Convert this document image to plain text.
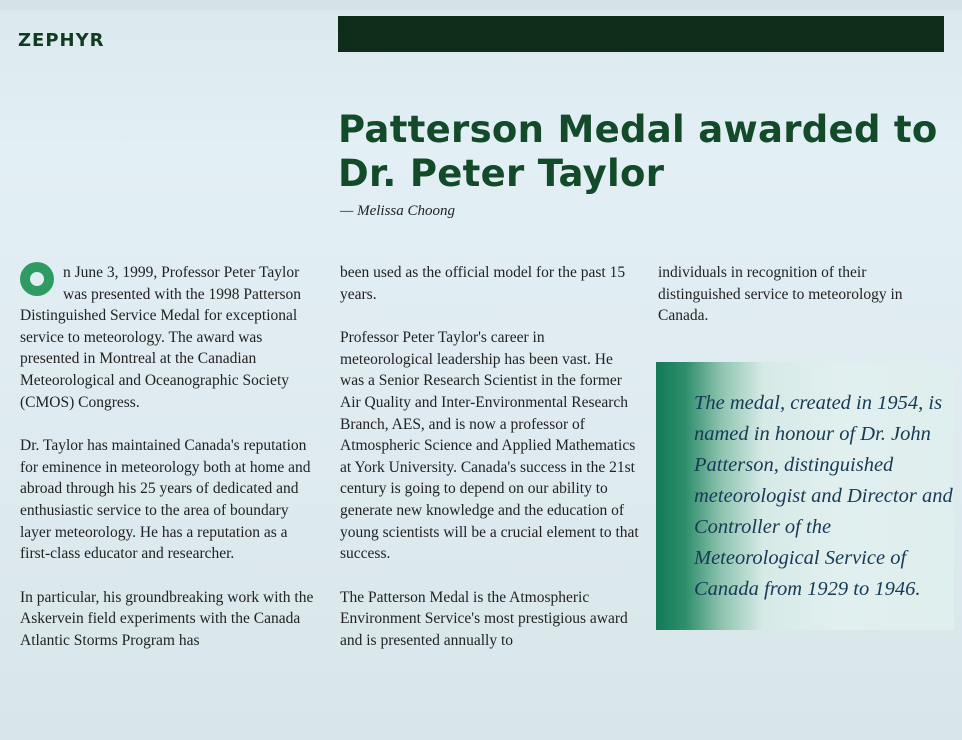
ZEPHYR
Patterson Medal awarded to Dr. Peter Taylor
— Melissa Choong

n June 3, 1999, Professor Peter Taylor was presented with the 1998 Patterson Distinguished Service Medal for exceptional service to meteorology. The award was presented in Montreal at the Canadian Meteorological and Oceanographic Society (CMOS) Congress.

Dr. Taylor has maintained Canada's reputation for eminence in meteorology both at home and abroad through his 25 years of dedicated and enthusiastic service to the area of boundary layer meteorology. He has a reputation as a first-class educator and researcher.

In particular, his groundbreaking work with the Askervein field experiments with the Canada Atlantic Storms Program has

been used as the official model for the past 15 years.

Professor Peter Taylor's career in meteorological leadership has been vast. He was a Senior Research Scientist in the former Air Quality and Inter-Environmental Research Branch, AES, and is now a professor of Atmospheric Science and Applied Mathematics at York University. Canada's success in the 21st century is going to depend on our ability to generate new knowledge and the education of young scientists will be a crucial element to that success.

The Patterson Medal is the Atmospheric Environment Service's most prestigious award and is presented annually to

individuals in recognition of their distinguished service to meteorology in Canada.

The medal, created in 1954, is named in honour of Dr. John Patterson, distinguished meteorologist and Director and Controller of the Meteorological Service of Canada from 1929 to 1946.
